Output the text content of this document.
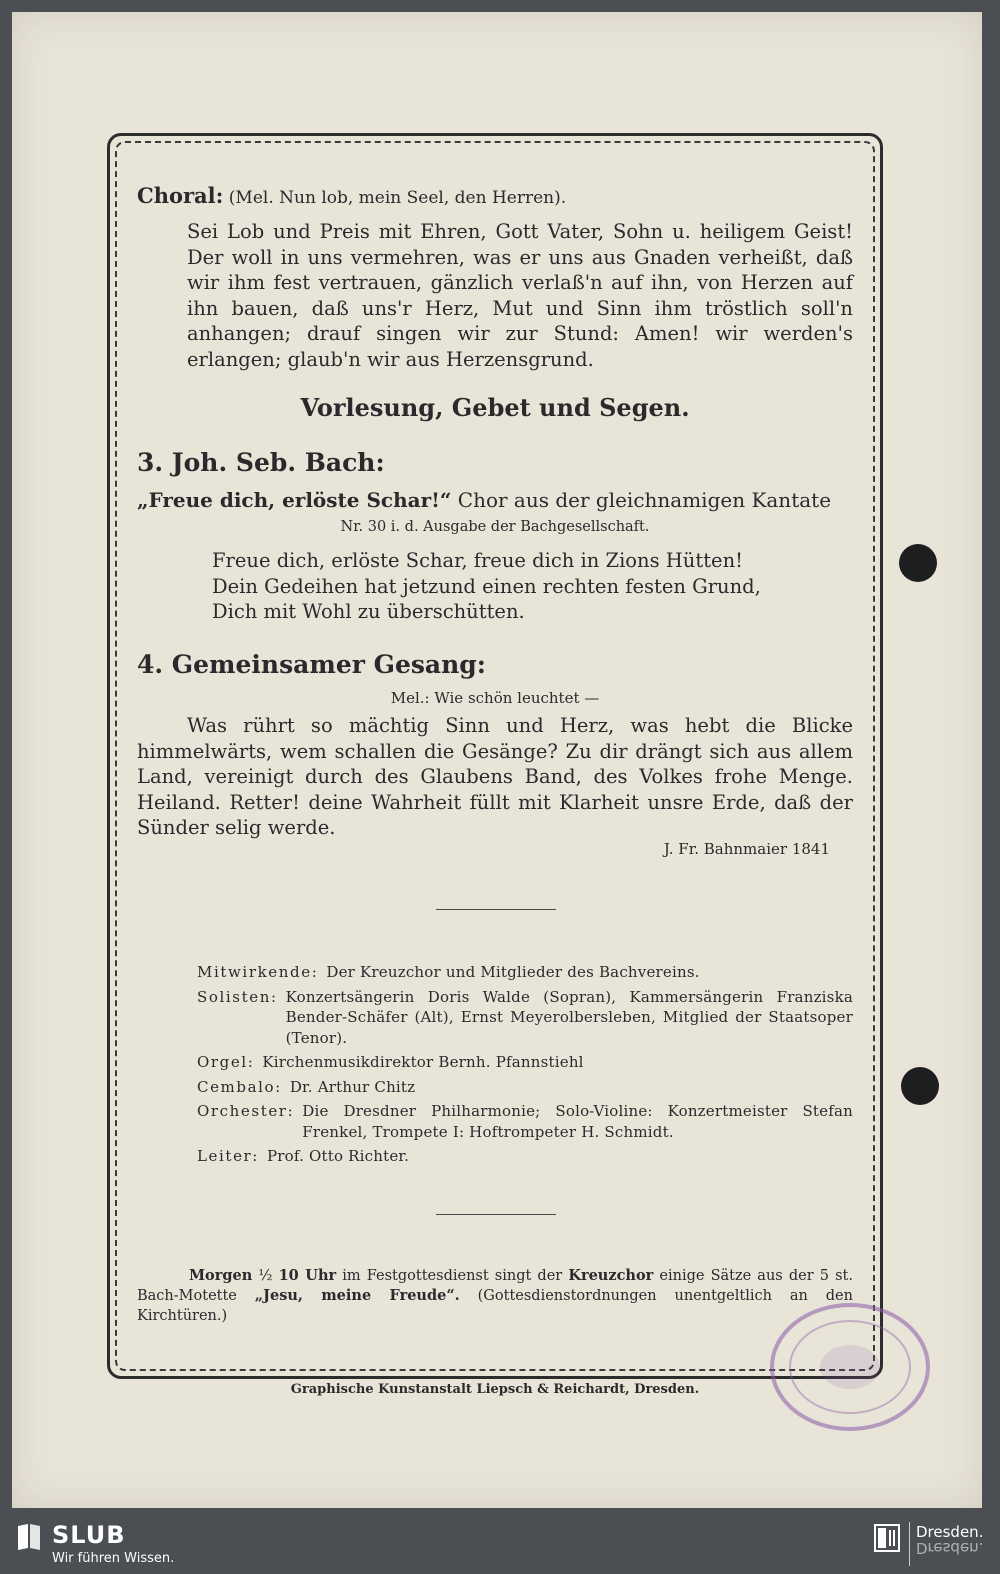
Choral: (Mel. Nun lob, mein Seel, den Herren).
Sei Lob und Preis mit Ehren, Gott Vater, Sohn u. heiligem Geist! Der woll in uns vermehren, was er uns aus Gnaden verheißt, daß wir ihm fest vertrauen, gänzlich verlaß'n auf ihn, von Herzen auf ihn bauen, daß uns'r Herz, Mut und Sinn ihm tröstlich soll'n anhangen; drauf singen wir zur Stund: Amen! wir werden's erlangen; glaub'n wir aus Herzensgrund.
Vorlesung, Gebet und Segen.
3. Joh. Seb. Bach:
„Freue dich, erlöste Schar!“ Chor aus der gleichnamigen Kantate
Nr. 30 i. d. Ausgabe der Bachgesellschaft.
Freue dich, erlöste Schar, freue dich in Zions Hütten!
Dein Gedeihen hat jetzund einen rechten festen Grund,
Dich mit Wohl zu überschütten.
4. Gemeinsamer Gesang:
Mel.: Wie schön leuchtet —
Was rührt so mächtig Sinn und Herz, was hebt die Blicke himmelwärts, wem schallen die Gesänge? Zu dir drängt sich aus allem Land, vereinigt durch des Glaubens Band, des Volkes frohe Menge. Heiland. Retter! deine Wahrheit füllt mit Klarheit unsre Erde, daß der Sünder selig werde.
J. Fr. Bahnmaier 1841
Mitwirkende: Der Kreuzchor und Mitglieder des Bachvereins.
Solisten: Konzertsängerin Doris Walde (Sopran), Kammersängerin Franziska Bender-Schäfer (Alt), Ernst Meyerolbersleben, Mitglied der Staatsoper (Tenor).
Orgel: Kirchenmusikdirektor Bernh. Pfannstiehl
Cembalo: Dr. Arthur Chitz
Orchester: Die Dresdner Philharmonie; Solo-Violine: Konzertmeister Stefan Frenkel, Trompete I: Hoftrompeter H. Schmidt.
Leiter: Prof. Otto Richter.
Morgen ½ 10 Uhr im Festgottesdienst singt der Kreuzchor einige Sätze aus der 5 st. Bach-Motette „Jesu, meine Freude“. (Gottesdienstordnungen unentgeltlich an den Kirchtüren.)
Graphische Kunstanstalt Liepsch & Reichardt, Dresden.
SLUB
Wir führen Wissen.
Dresden.
Dresden.
